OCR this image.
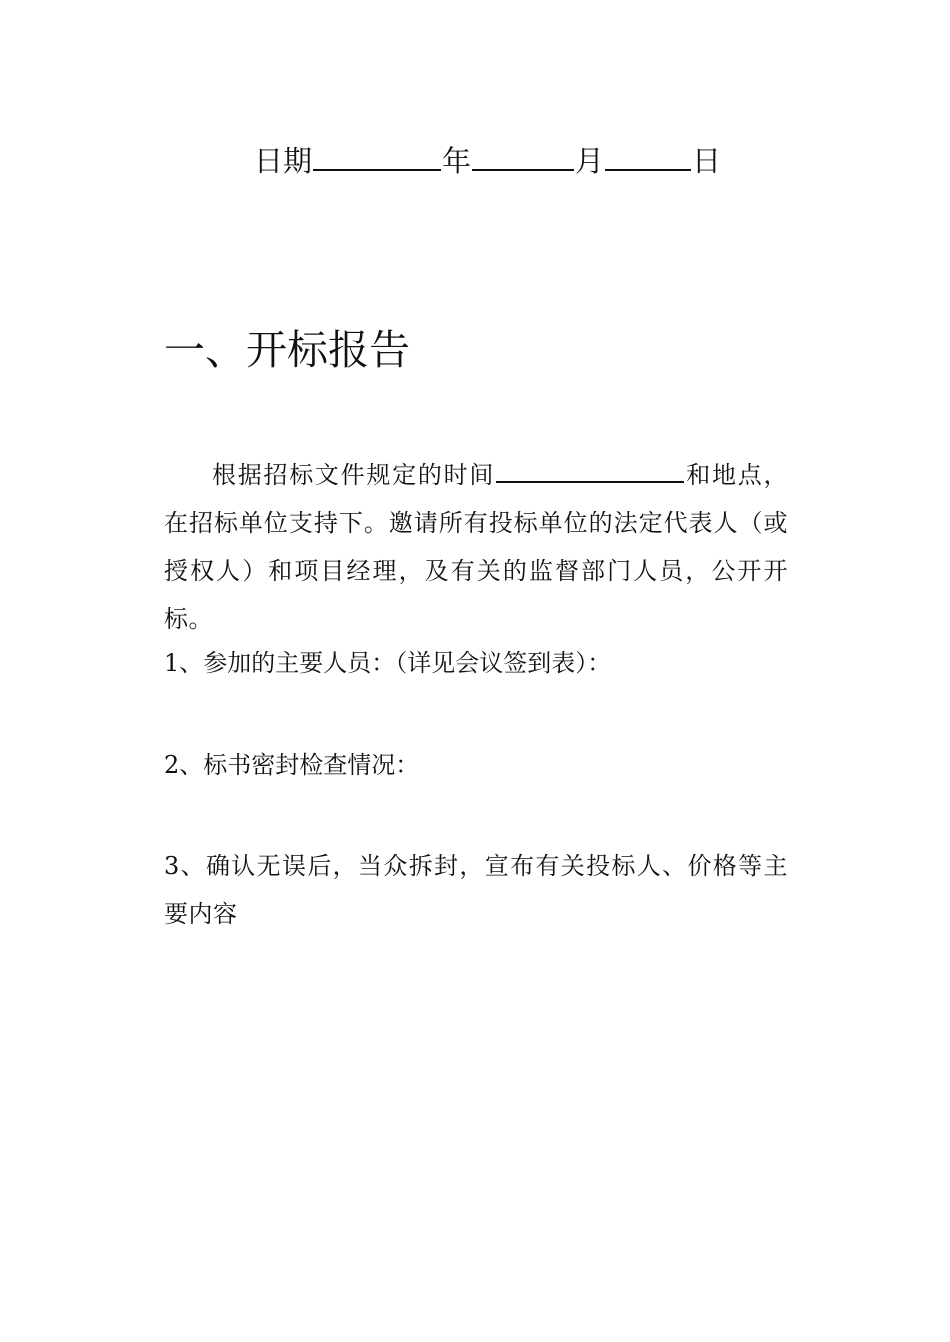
日期	年	月	日
一、开标报告

根据招标文件规定的时间	和地点，在招标单位支持下。邀请所有投标单位的法定代表人（或授权人）和项目经理，及有关的监督部门人员，公开开标。

1、参加的主要人员：（详见会议签到表）：

2、标书密封检查情况：

3、确认无误后，当众拆封，宣布有关投标人、价格等主要内容
